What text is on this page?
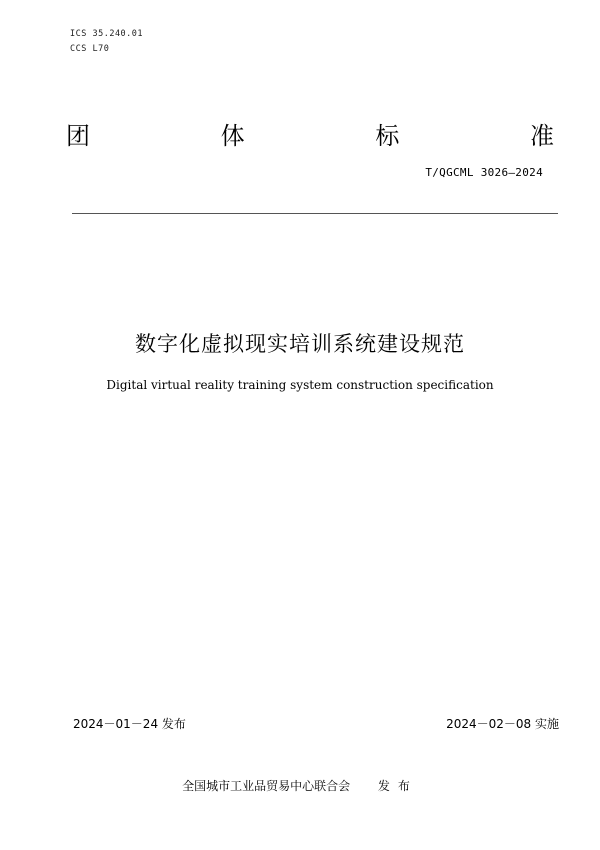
ICS 35.240.01
CCS L70
团	体	标	准
T/QGCML 3026—2024
数字化虚拟现实培训系统建设规范
Digital virtual reality training system construction specification
2024－01－24 发布	2024－02－08 实施
全国城市工业品贸易中心联合会 发布
